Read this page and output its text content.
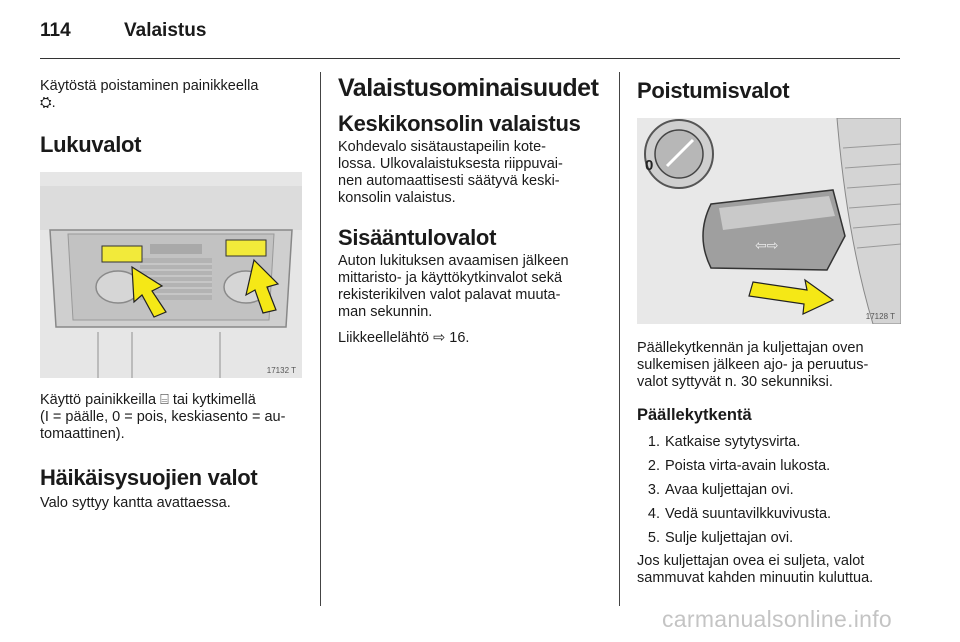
114	Valaistus

Käytöstä poistaminen painikkeella
⛭.

Lukuvalot
17132 T

Käyttö painikkeilla ⌸ tai kytkimellä
(I = päälle, 0 = pois, keskiasento = au-
tomaattinen).

Häikäisysuojien valot

Valo syttyy kantta avattaessa.

Valaistusominaisuudet
Keskikonsolin valaistus

Kohdevalo sisätaustapeilin kote-
lossa. Ulkovalaistuksesta riippuvai-
nen automaattisesti säätyvä keski-
konsolin valaistus.

Sisääntulovalot

Auton lukituksen avaamisen jälkeen
mittaristo- ja käyttökytkinvalot sekä
rekisterikilven valot palavat muuta-
man sekunnin.

Liikkeellelähtö ⇨ 16.

Poistumisvalot
0
⇦⇨
17128 T

Päällekytkennän ja kuljettajan oven
sulkemisen jälkeen ajo- ja peruutus-
valot syttyvät n. 30 sekunniksi.

Päällekytkentä
1. Katkaise sytytysvirta.
2. Poista virta-avain lukosta.
3. Avaa kuljettajan ovi.
4. Vedä suuntavilkkuvivusta.
5. Sulje kuljettajan ovi.

Jos kuljettajan ovea ei suljeta, valot
sammuvat kahden minuutin kuluttua.

carmanualsonline.info
